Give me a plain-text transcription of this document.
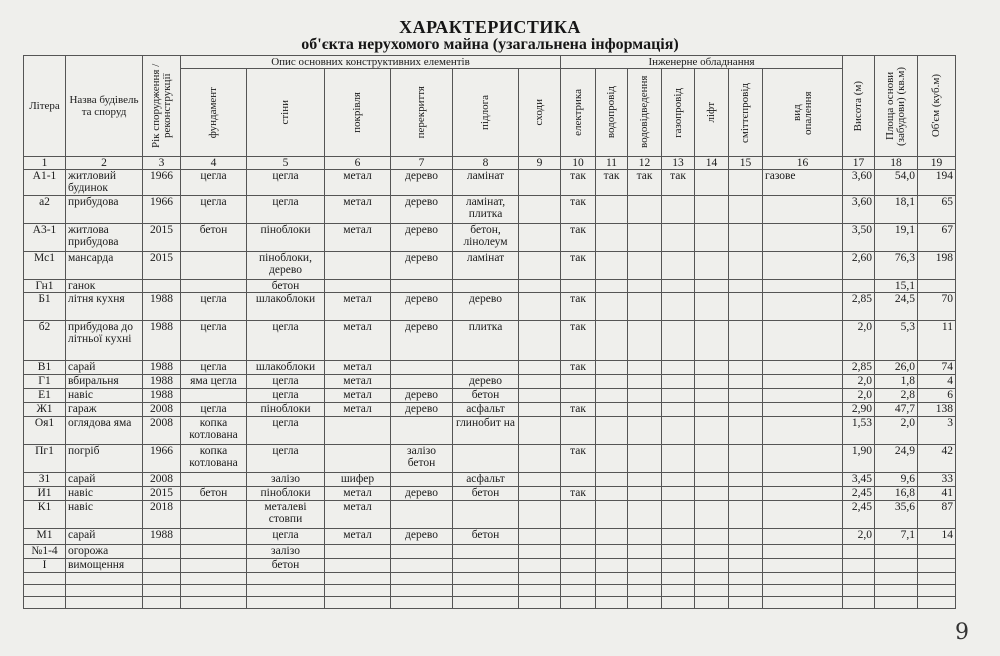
ХАРАКТЕРИСТИКА
об'єкта нерухомого майна (узагальнена інформація)
Літера	Назва будівель та споруд	Рік спорудження / реконструкції	Опис основних конструктивних елементів						Інженерне обладнання							Висота (м)	Площа основи (забудови) (кв.м)	Об'єм (куб.м)

			фундамент	стіни	покрівля	перекриття	підлога	сходи	електрика	водопровід	водовідведення	газопровід	ліфт	сміттєпровід	вид опалення			

1	2	3	4	5	6	7	8	9	10	11	12	13	14	15	16	17	18	19
А1-1	житловий будинок	1966	цегла	цегла	метал	дерево	ламінат		так	так	так	так			газове	3,60	54,0	194
а2	прибудова	1966	цегла	цегла	метал	дерево	ламінат, плитка		так							3,60	18,1	65
А3-1	житлова прибудова	2015	бетон	піноблоки	метал	дерево	бетон, лінолеум		так							3,50	19,1	67
Мс1	мансарда	2015		піноблоки, дерево		дерево	ламінат		так							2,60	76,3	198
Гн1	ганок			бетон													15,1	
Б1	літня кухня	1988	цегла	шлакоблоки	метал	дерево	дерево		так							2,85	24,5	70
б2	прибудова до літньої кухні	1988	цегла	цегла	метал	дерево	плитка		так							2,0	5,3	11
В1	сарай	1988	цегла	шлакоблоки	метал				так							2,85	26,0	74
Г1	вбиральня	1988	яма цегла	цегла	метал		дерево									2,0	1,8	4
Е1	навіс	1988		цегла	метал	дерево	бетон									2,0	2,8	6
Ж1	гараж	2008	цегла	піноблоки	метал	дерево	асфальт		так							2,90	47,7	138
Оя1	оглядова яма	2008	копка котлована	цегла			глинобит на									1,53	2,0	3
Пг1	погріб	1966	копка котлована	цегла		залізо бетон			так							1,90	24,9	42
З1	сарай	2008		залізо	шифер		асфальт									3,45	9,6	33
И1	навіс	2015	бетон	піноблоки	метал	дерево	бетон		так							2,45	16,8	41
К1	навіс	2018		металеві стовпи	метал											2,45	35,6	87
М1	сарай	1988		цегла	метал	дерево	бетон									2,0	7,1	14
№1-4	огорожа			залізо														
І	вимощення			бетон														

9
